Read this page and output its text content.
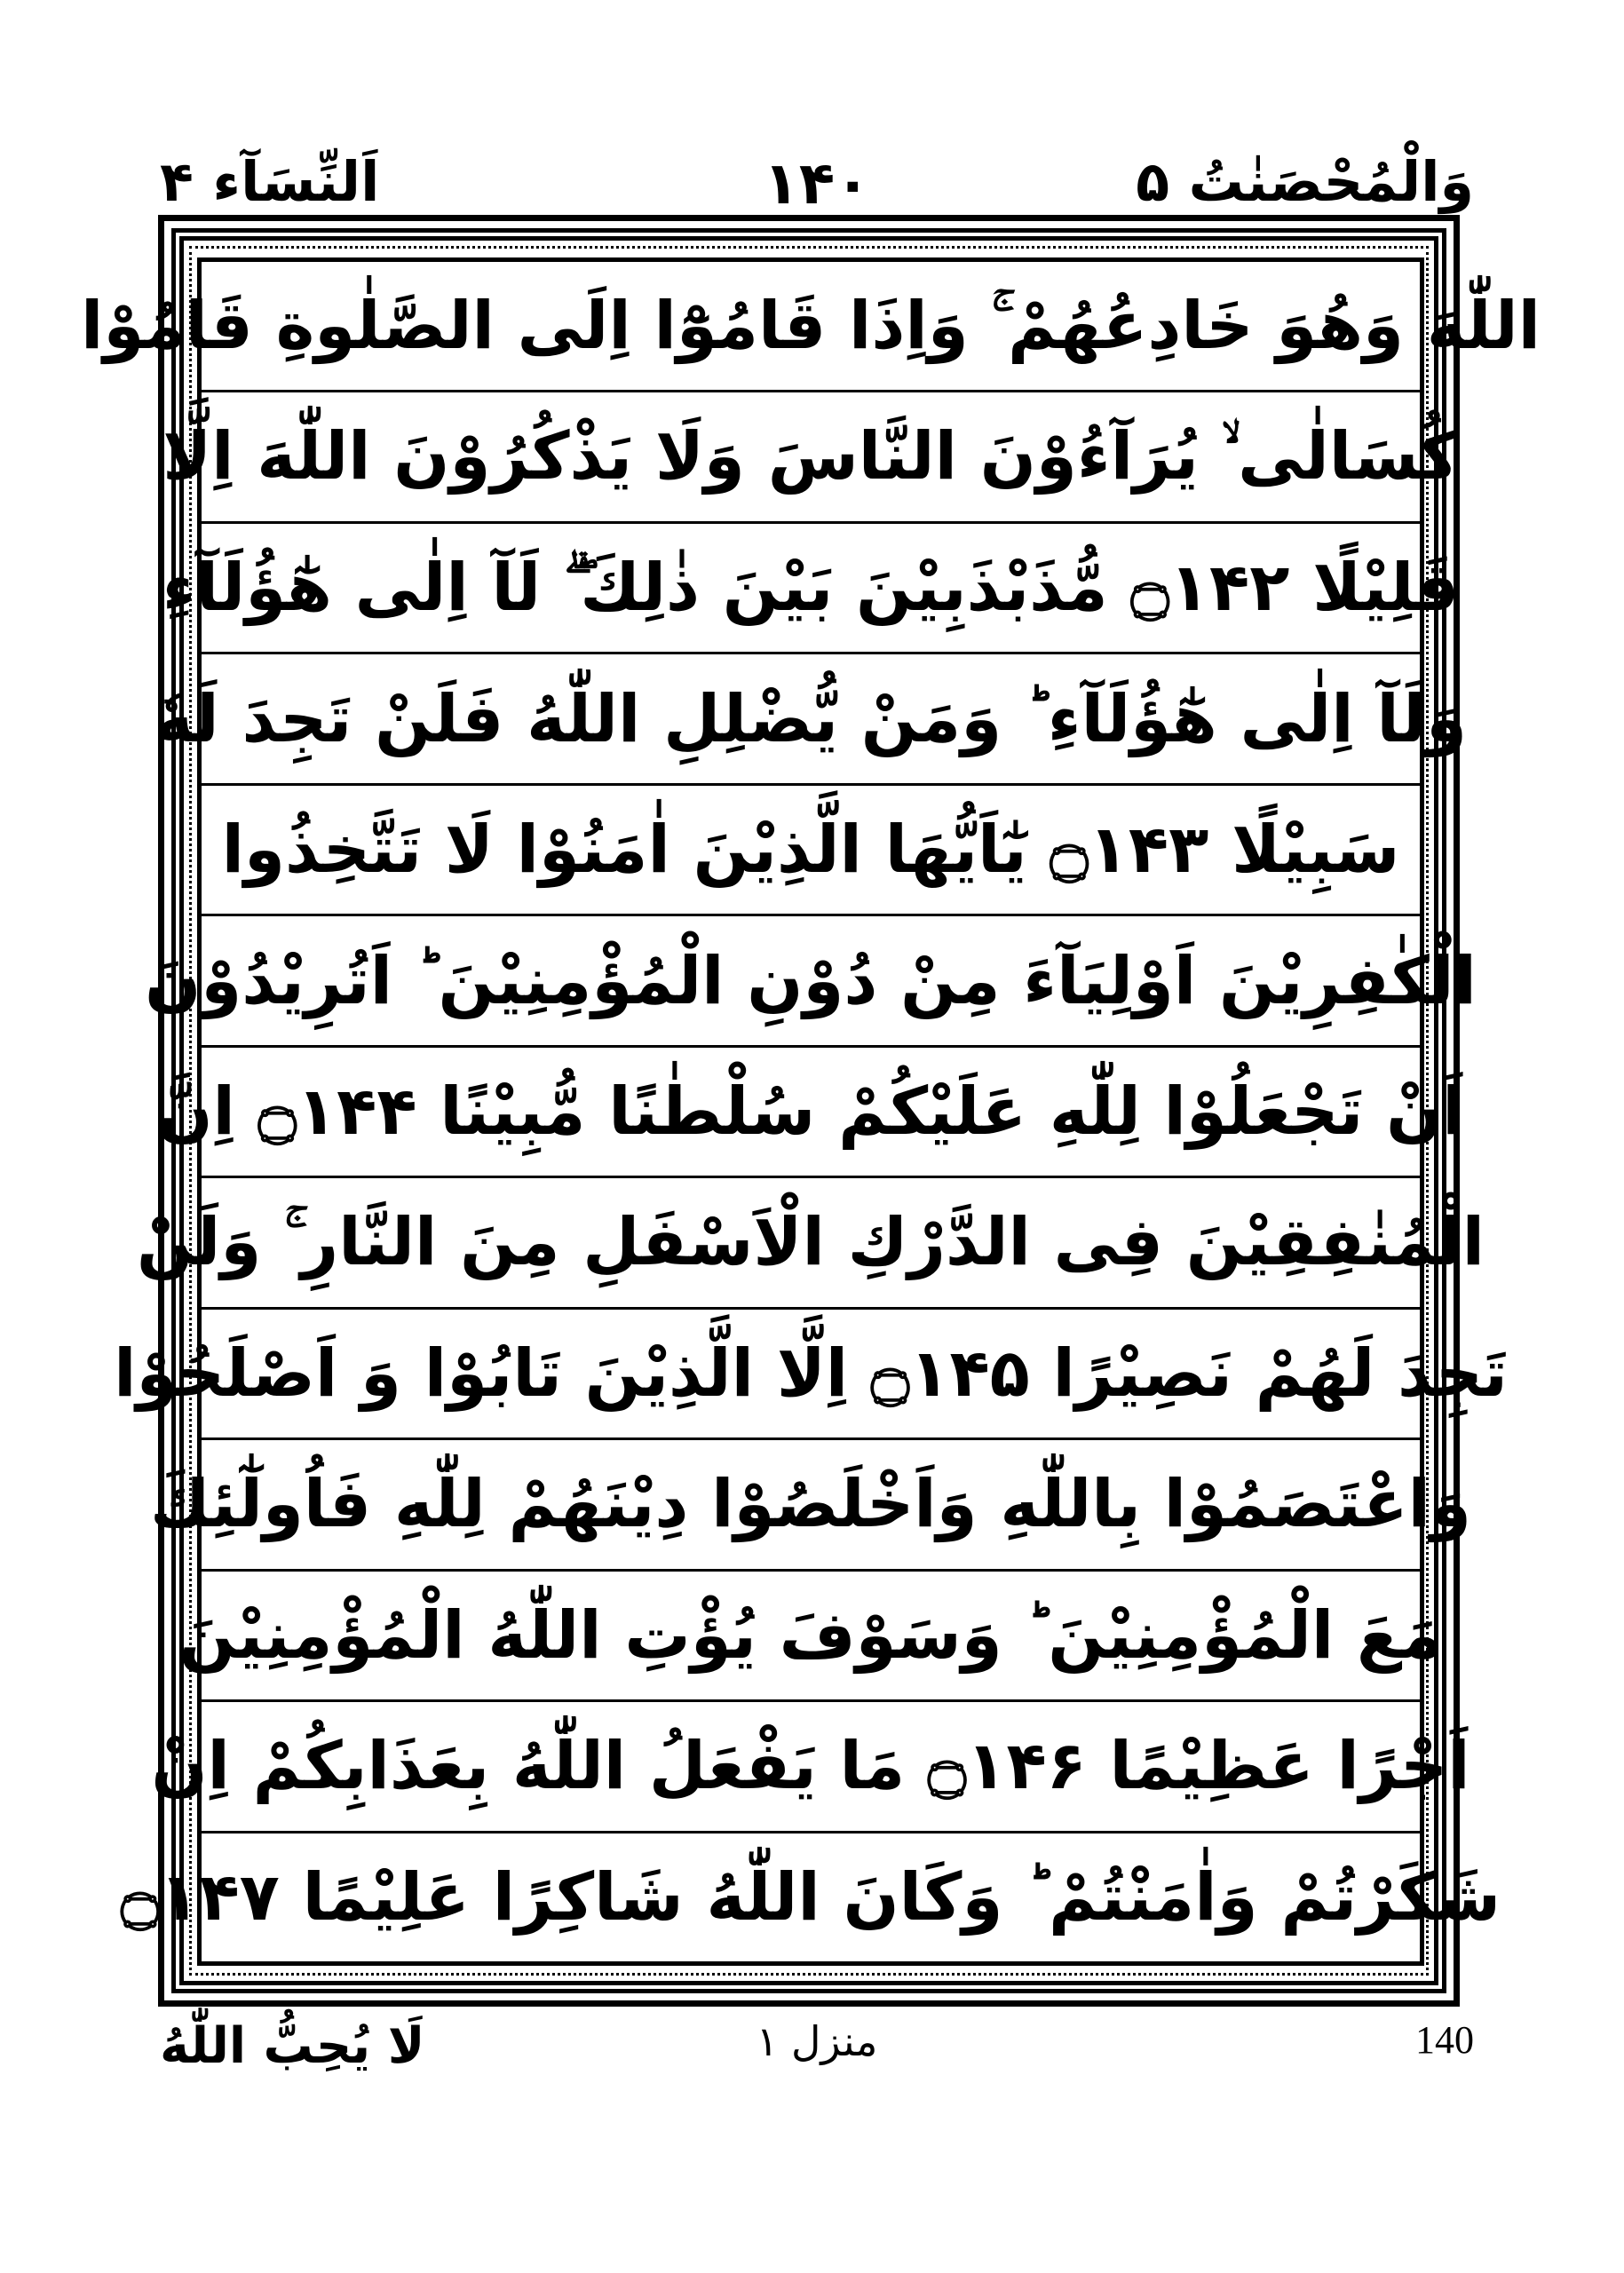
اَلنِّسَآء ۴	۱۴۰	وَالْمُحْصَنٰتُ ۵
اللّٰهَ وَهُوَ خَادِعُهُمْ ۚ وَاِذَا قَامُوْٓا اِلَى الصَّلٰوةِ قَامُوْا
كُسَالٰى ۙ يُرَآءُوْنَ النَّاسَ وَلَا يَذْكُرُوْنَ اللّٰهَ اِلَّا
قَلِيْلًا ۝۱۴۲ مُّذَبْذَبِيْنَ بَيْنَ ذٰلِكَ ۖۗ لَآ اِلٰى هٰٓؤُلَآءِ
وَلَآ اِلٰى هٰٓؤُلَآءِ ؕ وَمَنْ يُّضْلِلِ اللّٰهُ فَلَنْ تَجِدَ لَهٗ
سَبِيْلًا ۝۱۴۳ يٰٓاَيُّهَا الَّذِيْنَ اٰمَنُوْا لَا تَتَّخِذُوا
الْكٰفِرِيْنَ اَوْلِيَآءَ مِنْ دُوْنِ الْمُؤْمِنِيْنَ ؕ اَتُرِيْدُوْنَ
اَنْ تَجْعَلُوْا لِلّٰهِ عَلَيْكُمْ سُلْطٰنًا مُّبِيْنًا ۝۱۴۴ اِنَّ
الْمُنٰفِقِيْنَ فِى الدَّرْكِ الْاَسْفَلِ مِنَ النَّارِ ۚ وَلَنْ
تَجِدَ لَهُمْ نَصِيْرًا ۝۱۴۵ اِلَّا الَّذِيْنَ تَابُوْا وَ اَصْلَحُوْا
وَاعْتَصَمُوْا بِاللّٰهِ وَاَخْلَصُوْا دِيْنَهُمْ لِلّٰهِ فَاُولٰٓئِكَ
مَعَ الْمُؤْمِنِيْنَ ؕ وَسَوْفَ يُؤْتِ اللّٰهُ الْمُؤْمِنِيْنَ
اَجْرًا عَظِيْمًا ۝۱۴۶ مَا يَفْعَلُ اللّٰهُ بِعَذَابِكُمْ اِنْ
شَكَرْتُمْ وَاٰمَنْتُمْ ؕ وَكَانَ اللّٰهُ شَاكِرًا عَلِيْمًا ۝۱۴۷
لَا يُحِبُّ اللّٰهُ	منزل ۱	140
